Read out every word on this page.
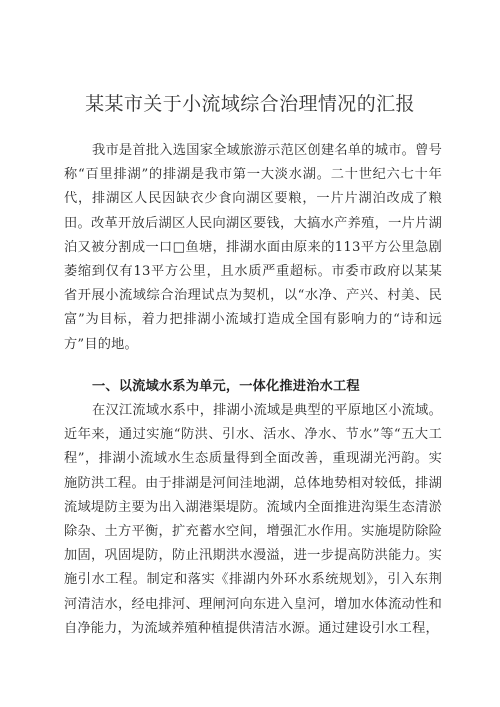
某某市关于小流域综合治理情况的汇报
我市是首批入选国家全域旅游示范区创建名单的城市。曾号称“百里排湖”的排湖是我市第一大淡水湖。二十世纪六七十年代，排湖区人民因缺衣少食向湖区要粮，一片片湖泊改成了粮田。改革开放后湖区人民向湖区要钱，大搞水产养殖，一片片湖泊又被分割成一口□鱼塘，排湖水面由原来的113平方公里急剧萎缩到仅有13平方公里，且水质严重超标。市委市政府以某某省开展小流域综合治理试点为契机，以“水净、产兴、村美、民富”为目标，着力把排湖小流域打造成全国有影响力的“诗和远方”目的地。
一、以流域水系为单元，一体化推进治水工程
在汉江流域水系中，排湖小流域是典型的平原地区小流域。近年来，通过实施“防洪、引水、活水、净水、节水”等“五大工程”，排湖小流域水生态质量得到全面改善，重现湖光沔韵。实施防洪工程。由于排湖是河间洼地湖，总体地势相对较低，排湖流域堤防主要为出入湖港渠堤防。流域内全面推进沟渠生态清淤除杂、土方平衡，扩充蓄水空间，增强汇水作用。实施堤防除险加固，巩固堤防，防止汛期洪水漫溢，进一步提高防洪能力。实施引水工程。制定和落实《排湖内外环水系统规划》，引入东荆河清洁水，经电排河、理闸河向东进入皇河，增加水体流动性和自净能力，为流域养殖种植提供清洁水源。通过建设引水工程，
